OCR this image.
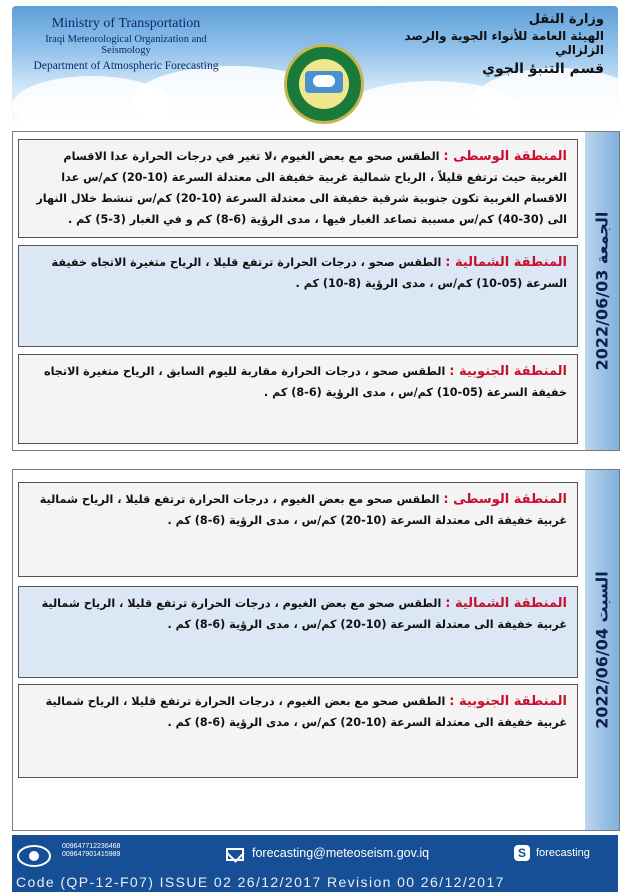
Ministry of Transportation
Iraqi Meteorological Organization and Seismology
Department of Atmospheric Forecasting
وزارة النقل
الهيئة العامة للأنواء الجوية والرصد الزلزالي
قسم التنبؤ الجوي
الجمعة 2022/06/03
المنطقة الوسطى : الطقس صحو مع بعض الغيوم ،لا تغير في درجات الحرارة عدا الاقسام الغربية حيث ترتفع قليلاً ، الرياح شمالية غربية خفيفة الى معتدلة السرعة (10-20) كم/س عدا الاقسام الغربية تكون جنوبية شرقية خفيفة الى معتدلة السرعة (10-20) كم/س تنشط خلال النهار الى (30-40) كم/س مسببة تصاعد الغبار فيها ، مدى الرؤية (6-8) كم و في الغبار (3-5) كم .
المنطقة الشمالية : الطقس صحو ، درجات الحرارة ترتفع قليلا ، الرياح متغيرة الاتجاه خفيفة السرعة (05-10) كم/س ، مدى الرؤية (8-10) كم .
المنطقة الجنوبية : الطقس صحو ، درجات الحرارة مقاربة لليوم السابق ، الرياح متغيرة الاتجاه خفيفة السرعة (05-10) كم/س ، مدى الرؤية (6-8) كم .
السبت 2022/06/04
المنطقة الوسطى : الطقس صحو مع بعض الغيوم ، درجات الحرارة ترتفع قليلا ، الرياح شمالية غربية خفيفة الى معتدلة السرعة (10-20) كم/س ، مدى الرؤية (6-8) كم .
المنطقة الشمالية : الطقس صحو مع بعض الغيوم ، درجات الحرارة ترتفع قليلا ، الرياح شمالية غربية خفيفة الى معتدلة السرعة (10-20) كم/س ، مدى الرؤية (6-8) كم .
المنطقة الجنوبية : الطقس صحو مع بعض الغيوم ، درجات الحرارة ترتفع قليلا ، الرياح شمالية غربية خفيفة الى معتدلة السرعة (10-20) كم/س ، مدى الرؤية (6-8) كم .
009647712236468
009647901415989	forecasting@meteoseism.gov.iq	S forecasting
Code (QP-12-F07) ISSUE 02 26/12/2017 Revision 00 26/12/2017
